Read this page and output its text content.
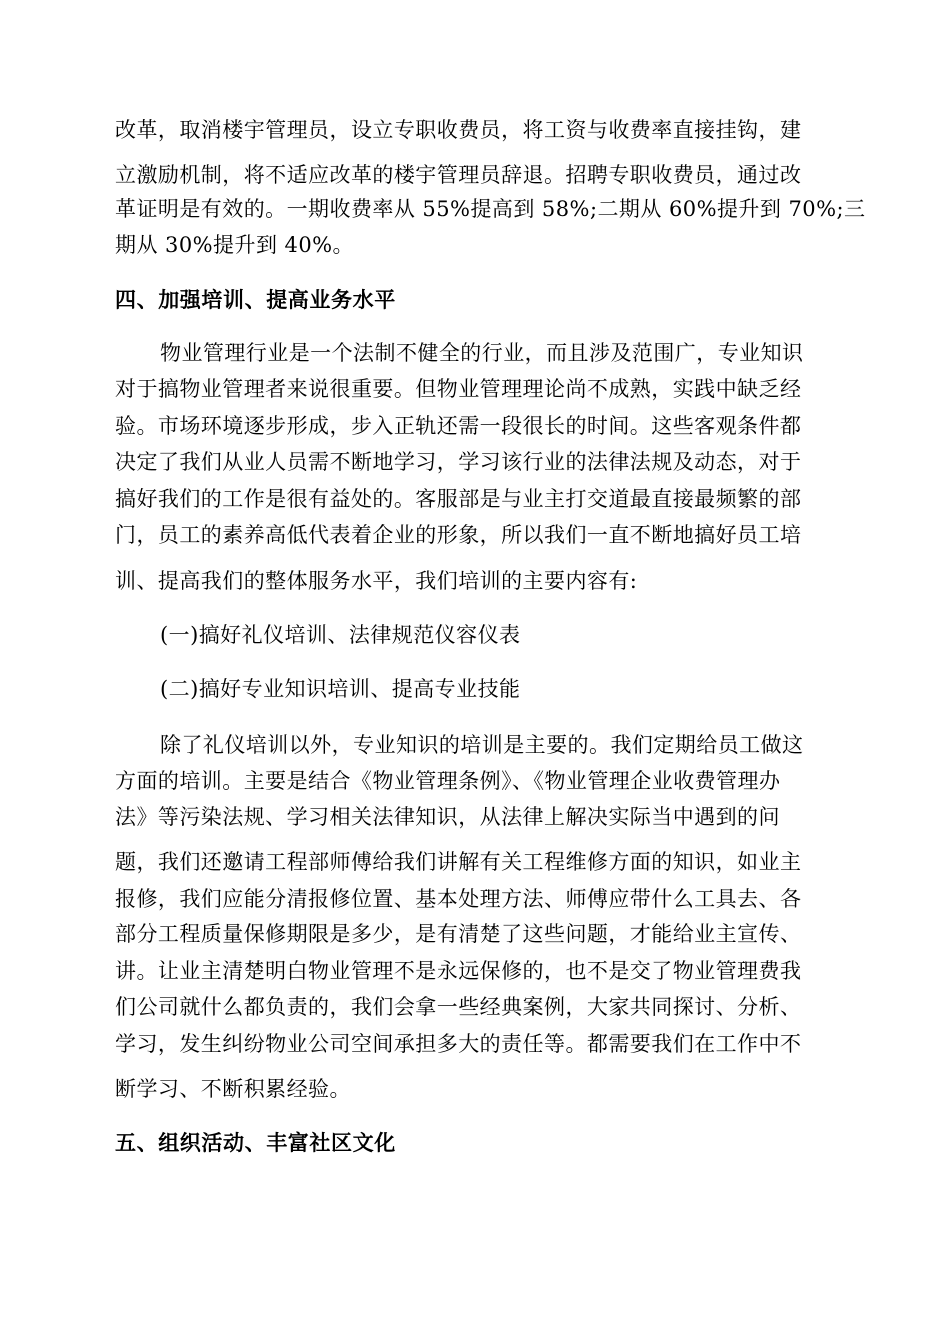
改革，取消楼宇管理员，设立专职收费员，将工资与收费率直接挂钩，建
立激励机制，将不适应改革的楼宇管理员辞退。招聘专职收费员，通过改
革证明是有效的。一期收费率从 55%提高到 58%;二期从 60%提升到 70%;三
期从 30%提升到 40%。
四、加强培训、提高业务水平
物业管理行业是一个法制不健全的行业，而且涉及范围广，专业知识
对于搞物业管理者来说很重要。但物业管理理论尚不成熟，实践中缺乏经
验。市场环境逐步形成，步入正轨还需一段很长的时间。这些客观条件都
决定了我们从业人员需不断地学习，学习该行业的法律法规及动态，对于
搞好我们的工作是很有益处的。客服部是与业主打交道最直接最频繁的部
门，员工的素养高低代表着企业的形象，所以我们一直不断地搞好员工培
训、提高我们的整体服务水平，我们培训的主要内容有:
(一)搞好礼仪培训、法律规范仪容仪表
(二)搞好专业知识培训、提高专业技能
除了礼仪培训以外，专业知识的培训是主要的。我们定期给员工做这
方面的培训。主要是结合《物业管理条例》、《物业管理企业收费管理办
法》等污染法规、学习相关法律知识，从法律上解决实际当中遇到的问
题，我们还邀请工程部师傅给我们讲解有关工程维修方面的知识，如业主
报修，我们应能分清报修位置、基本处理方法、师傅应带什么工具去、各
部分工程质量保修期限是多少，是有清楚了这些问题，才能给业主宣传、
讲。让业主清楚明白物业管理不是永远保修的，也不是交了物业管理费我
们公司就什么都负责的，我们会拿一些经典案例，大家共同探讨、分析、
学习，发生纠纷物业公司空间承担多大的责任等。都需要我们在工作中不
断学习、不断积累经验。
五、组织活动、丰富社区文化
